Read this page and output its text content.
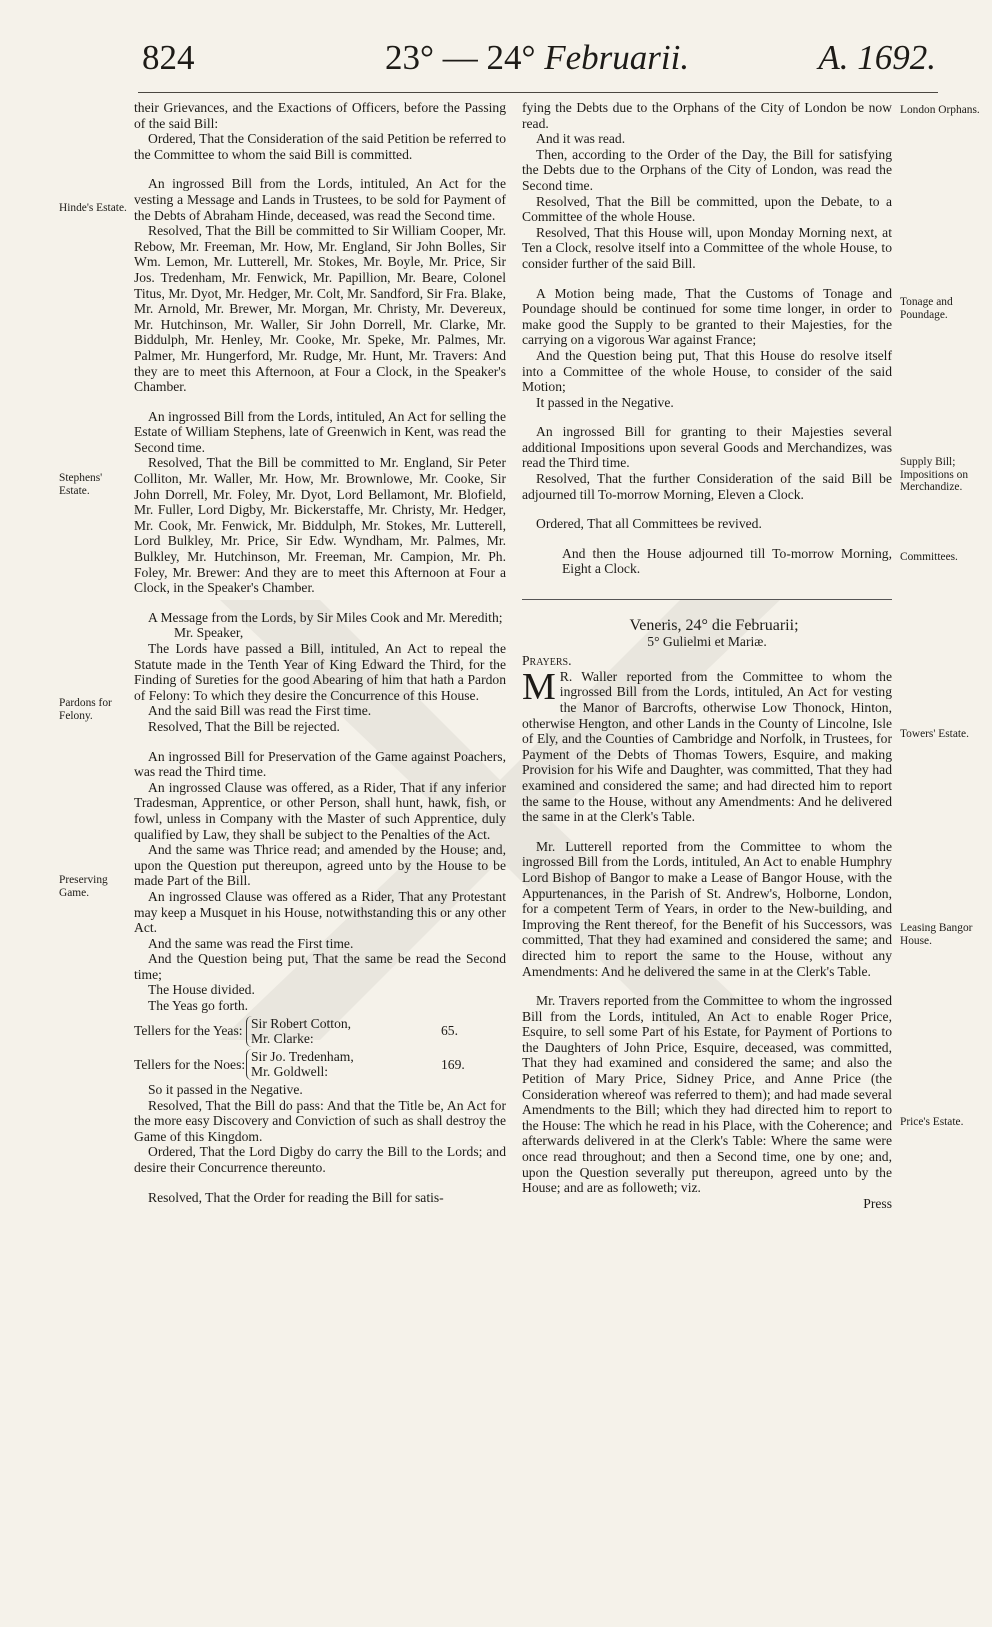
824	23° — 24° Februarii.	A. 1692.
Hinde's Estate.
Stephens' Estate.
Pardons for Felony.
Preserving Game.
London Orphans.
Tonage and Poundage.
Supply Bill; Impositions on Merchandize.
Committees.
Towers' Estate.
Leasing Bangor House.
Price's Estate.

their Grievances, and the Exactions of Officers, before the Passing of the said Bill:

Ordered, That the Consideration of the said Petition be referred to the Committee to whom the said Bill is committed.

An ingrossed Bill from the Lords, intituled, An Act for the vesting a Message and Lands in Trustees, to be sold for Payment of the Debts of Abraham Hinde, deceased, was read the Second time.

Resolved, That the Bill be committed to Sir William Cooper, Mr. Rebow, Mr. Freeman, Mr. How, Mr. England, Sir John Bolles, Sir Wm. Lemon, Mr. Lutterell, Mr. Stokes, Mr. Boyle, Mr. Price, Sir Jos. Tredenham, Mr. Fenwick, Mr. Papillion, Mr. Beare, Colonel Titus, Mr. Dyot, Mr. Hedger, Mr. Colt, Mr. Sandford, Sir Fra. Blake, Mr. Arnold, Mr. Brewer, Mr. Morgan, Mr. Christy, Mr. Devereux, Mr. Hutchinson, Mr. Waller, Sir John Dorrell, Mr. Clarke, Mr. Biddulph, Mr. Henley, Mr. Cooke, Mr. Speke, Mr. Palmes, Mr. Palmer, Mr. Hungerford, Mr. Rudge, Mr. Hunt, Mr. Travers: And they are to meet this Afternoon, at Four a Clock, in the Speaker's Chamber.

An ingrossed Bill from the Lords, intituled, An Act for selling the Estate of William Stephens, late of Greenwich in Kent, was read the Second time.

Resolved, That the Bill be committed to Mr. England, Sir Peter Colliton, Mr. Waller, Mr. How, Mr. Brownlowe, Mr. Cooke, Sir John Dorrell, Mr. Foley, Mr. Dyot, Lord Bellamont, Mr. Blofield, Mr. Fuller, Lord Digby, Mr. Bickerstaffe, Mr. Christy, Mr. Hedger, Mr. Cook, Mr. Fenwick, Mr. Biddulph, Mr. Stokes, Mr. Lutterell, Lord Bulkley, Mr. Price, Sir Edw. Wyndham, Mr. Palmes, Mr. Bulkley, Mr. Hutchinson, Mr. Freeman, Mr. Campion, Mr. Ph. Foley, Mr. Brewer: And they are to meet this Afternoon at Four a Clock, in the Speaker's Chamber.

A Message from the Lords, by Sir Miles Cook and Mr. Meredith;

Mr. Speaker,

The Lords have passed a Bill, intituled, An Act to repeal the Statute made in the Tenth Year of King Edward the Third, for the Finding of Sureties for the good Abearing of him that hath a Pardon of Felony: To which they desire the Concurrence of this House.

And the said Bill was read the First time.

Resolved, That the Bill be rejected.

An ingrossed Bill for Preservation of the Game against Poachers, was read the Third time.

An ingrossed Clause was offered, as a Rider, That if any inferior Tradesman, Apprentice, or other Person, shall hunt, hawk, fish, or fowl, unless in Company with the Master of such Apprentice, duly qualified by Law, they shall be subject to the Penalties of the Act.

And the same was Thrice read; and amended by the House; and, upon the Question put thereupon, agreed unto by the House to be made Part of the Bill.

An ingrossed Clause was offered as a Rider, That any Protestant may keep a Musquet in his House, notwithstanding this or any other Act.

And the same was read the First time.

And the Question being put, That the same be read the Second time;

The House divided.

The Yeas go forth.

Tellers for the Yeas:
Sir Robert Cotton,
Mr. Clarke:
65.
Tellers for the Noes:
Sir Jo. Tredenham,
Mr. Goldwell:
169.

So it passed in the Negative.

Resolved, That the Bill do pass: And that the Title be, An Act for the more easy Discovery and Conviction of such as shall destroy the Game of this Kingdom.

Ordered, That the Lord Digby do carry the Bill to the Lords; and desire their Concurrence thereunto.

Resolved, That the Order for reading the Bill for satis-

fying the Debts due to the Orphans of the City of London be now read.

And it was read.

Then, according to the Order of the Day, the Bill for satisfying the Debts due to the Orphans of the City of London, was read the Second time.

Resolved, That the Bill be committed, upon the Debate, to a Committee of the whole House.

Resolved, That this House will, upon Monday Morning next, at Ten a Clock, resolve itself into a Committee of the whole House, to consider further of the said Bill.

A Motion being made, That the Customs of Tonage and Poundage should be continued for some time longer, in order to make good the Supply to be granted to their Majesties, for the carrying on a vigorous War against France;

And the Question being put, That this House do resolve itself into a Committee of the whole House, to consider of the said Motion;

It passed in the Negative.

An ingrossed Bill for granting to their Majesties several additional Impositions upon several Goods and Merchandizes, was read the Third time.

Resolved, That the further Consideration of the said Bill be adjourned till To-morrow Morning, Eleven a Clock.

Ordered, That all Committees be revived.

And then the House adjourned till To-morrow Morning, Eight a Clock.

Veneris, 24° die Februarii;

5° Gulielmi et Mariæ.

Prayers.

M R. Waller reported from the Committee to whom the ingrossed Bill from the Lords, intituled, An Act for vesting the Manor of Barcrofts, otherwise Low Thonock, Hinton, otherwise Hengton, and other Lands in the County of Lincolne, Isle of Ely, and the Counties of Cambridge and Norfolk, in Trustees, for Payment of the Debts of Thomas Towers, Esquire, and making Provision for his Wife and Daughter, was committed, That they had examined and considered the same; and had directed him to report the same to the House, without any Amendments: And he delivered the same in at the Clerk's Table.

Mr. Lutterell reported from the Committee to whom the ingrossed Bill from the Lords, intituled, An Act to enable Humphry Lord Bishop of Bangor to make a Lease of Bangor House, with the Appurtenances, in the Parish of St. Andrew's, Holborne, London, for a competent Term of Years, in order to the New-building, and Improving the Rent thereof, for the Benefit of his Successors, was committed, That they had examined and considered the same; and directed him to report the same to the House, without any Amendments: And he delivered the same in at the Clerk's Table.

Mr. Travers reported from the Committee to whom the ingrossed Bill from the Lords, intituled, An Act to enable Roger Price, Esquire, to sell some Part of his Estate, for Payment of Portions to the Daughters of John Price, Esquire, deceased, was committed, That they had examined and considered the same; and also the Petition of Mary Price, Sidney Price, and Anne Price (the Consideration whereof was referred to them); and had made several Amendments to the Bill; which they had directed him to report to the House: The which he read in his Place, with the Coherence; and afterwards delivered in at the Clerk's Table: Where the same were once read throughout; and then a Second time, one by one; and, upon the Question severally put thereupon, agreed unto by the House; and are as followeth; viz.

Press
